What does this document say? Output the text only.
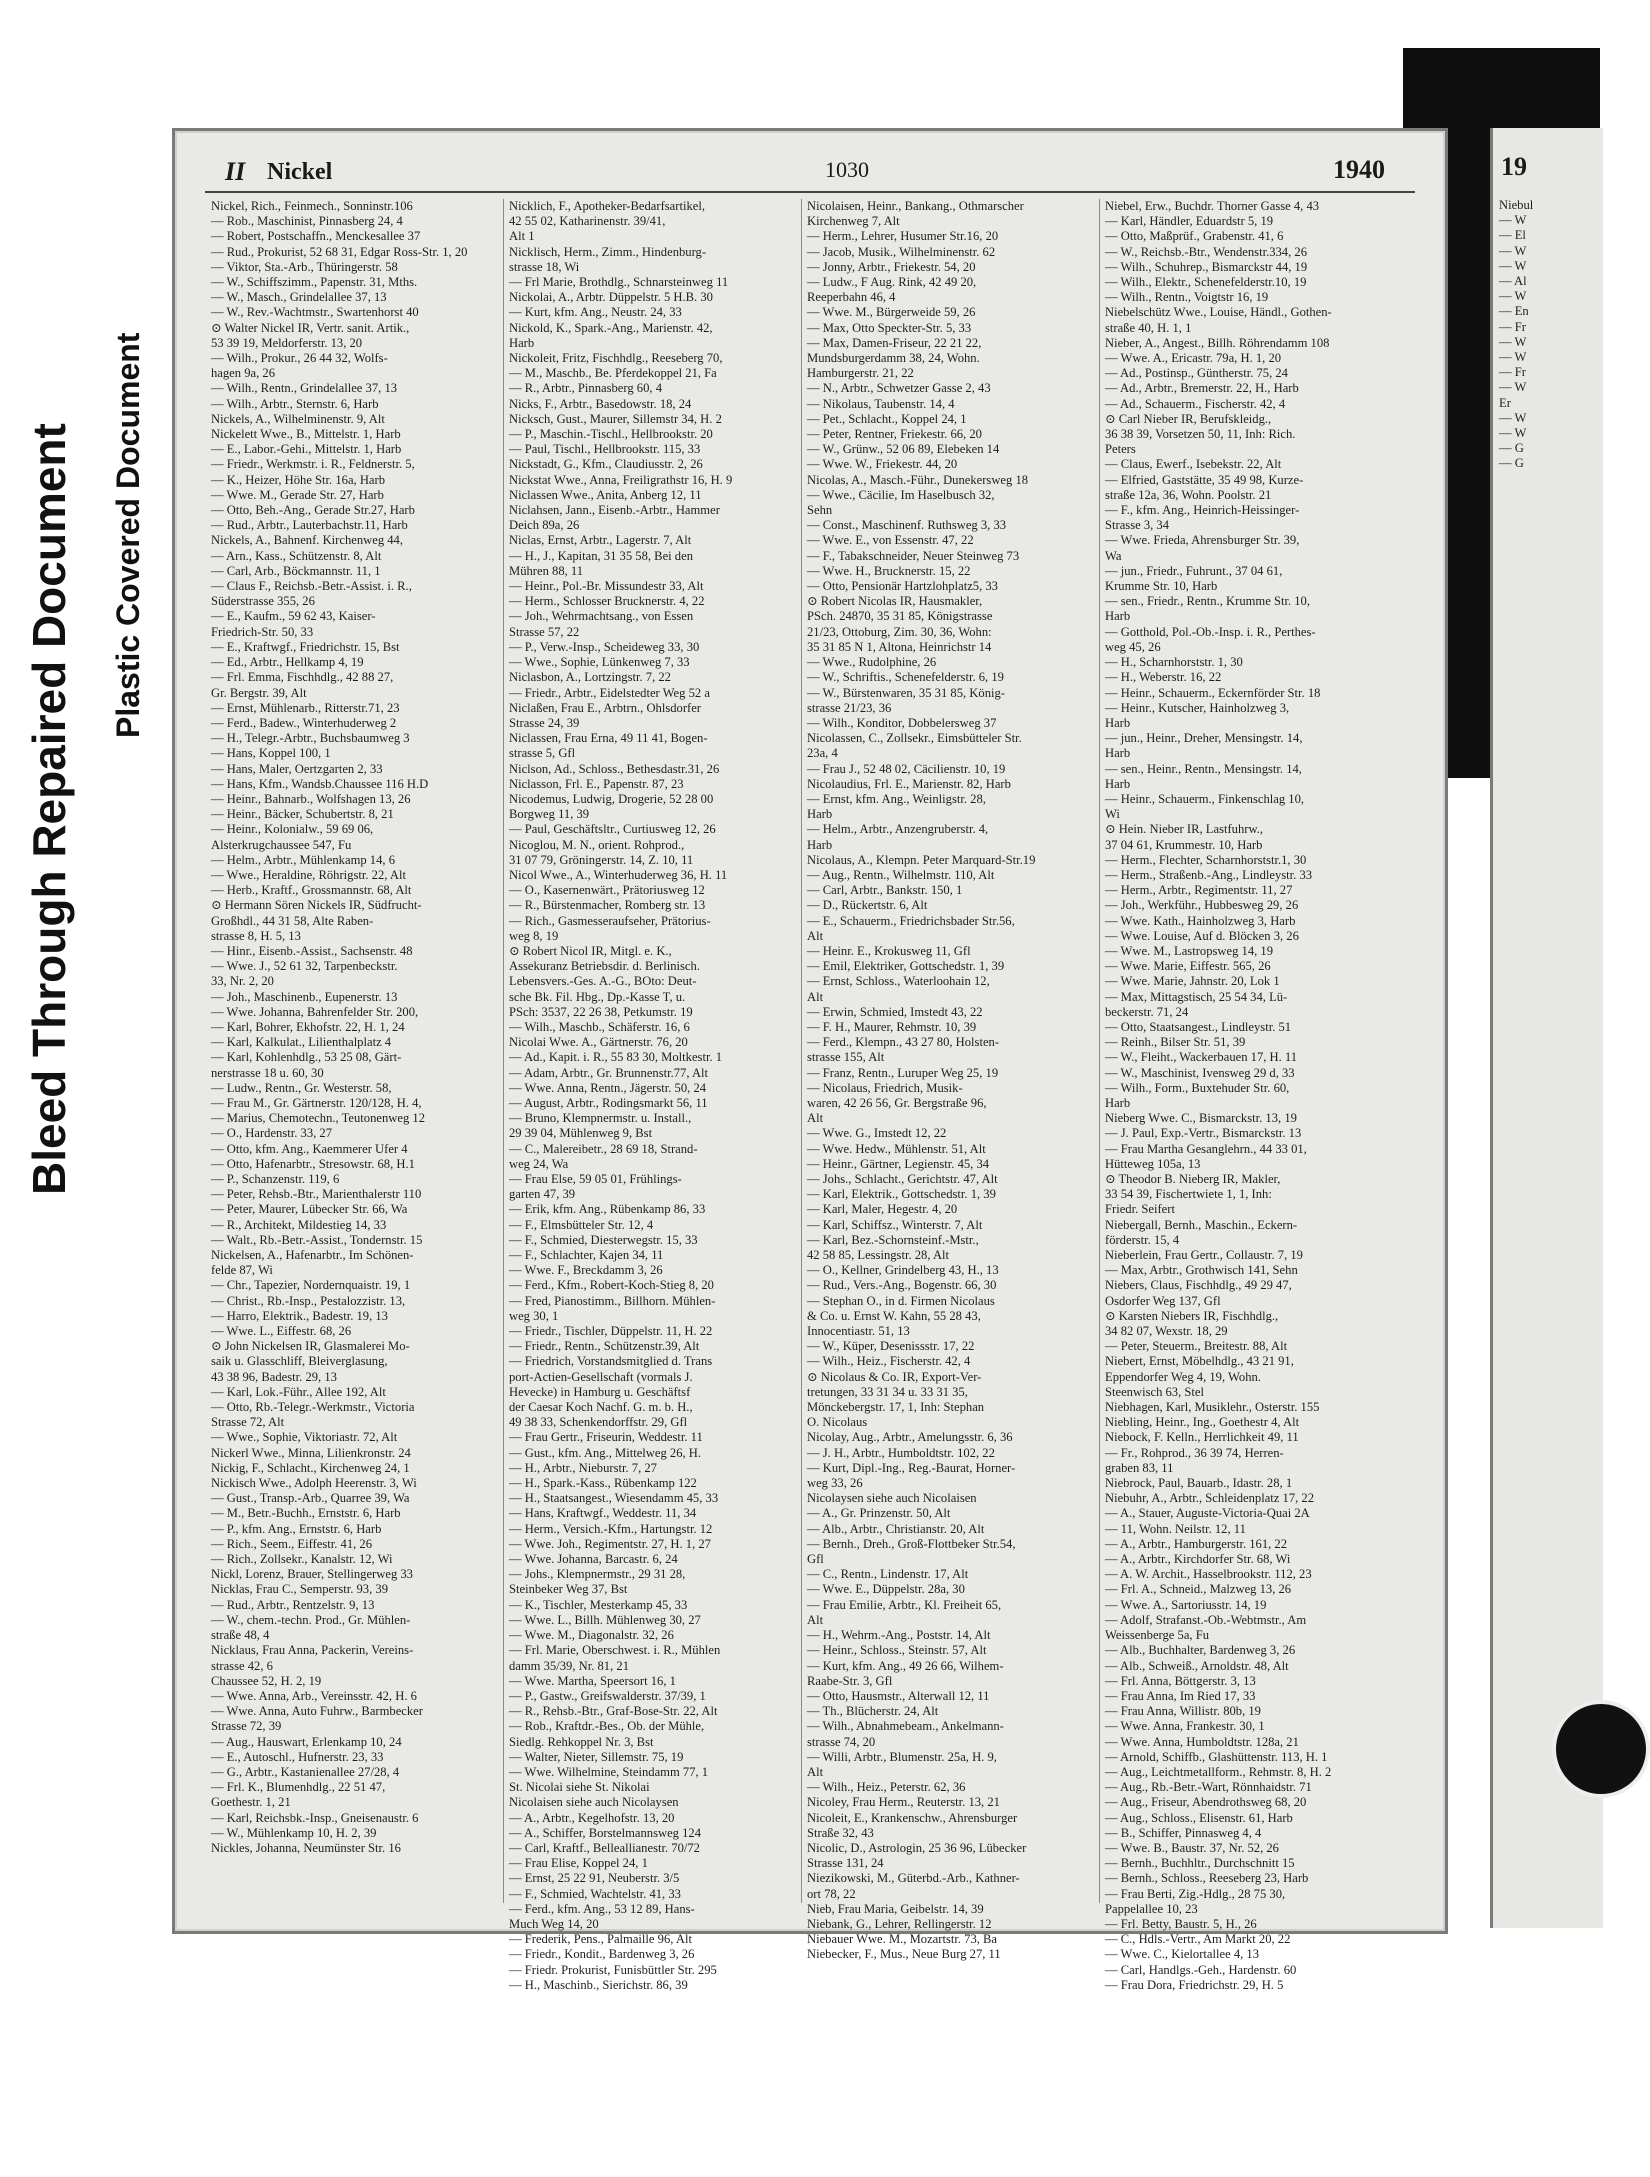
Bleed Through Repaired Document Plastic Covered Document
II Nickel	1030	1940
Nickel, Rich., Feinmech., Sonninstr.106
— Rob., Maschinist, Pinnasberg 24, 4
— Robert, Postschaffn., Menckesallee 37
— Rud., Prokurist, 52 68 31, Edgar Ross-Str. 1, 20
— Viktor, Sta.-Arb., Thüringerstr. 58
— W., Schiffszimm., Papenstr. 31, Mths.
— W., Masch., Grindelallee 37, 13
— W., Rev.-Wachtmstr., Swartenhorst 40
⊙ Walter Nickel IR, Vertr. sanit. Artik.,
53 39 19, Meldorferstr. 13, 20
— Wilh., Prokur., 26 44 32, Wolfs-
hagen 9a, 26
— Wilh., Rentn., Grindelallee 37, 13
— Wilh., Arbtr., Sternstr. 6, Harb
Nickels, A., Wilhelminenstr. 9, Alt
Nickelett Wwe., B., Mittelstr. 1, Harb
— E., Labor.-Gehi., Mittelstr. 1, Harb
— Friedr., Werkmstr. i. R., Feldnerstr. 5,
— K., Heizer, Höhe Str. 16a, Harb
— Wwe. M., Gerade Str. 27, Harb
— Otto, Beh.-Ang., Gerade Str.27, Harb
— Rud., Arbtr., Lauterbachstr.11, Harb
Nickels, A., Bahnenf. Kirchenweg 44,
— Arn., Kass., Schützenstr. 8, Alt
— Carl, Arb., Böckmannstr. 11, 1
— Claus F., Reichsb.-Betr.-Assist. i. R.,
Süderstrasse 355, 26
— E., Kaufm., 59 62 43, Kaiser-
Friedrich-Str. 50, 33
— E., Kraftwgf., Friedrichstr. 15, Bst
— Ed., Arbtr., Hellkamp 4, 19
— Frl. Emma, Fischhdlg., 42 88 27,
Gr. Bergstr. 39, Alt
— Ernst, Mühlenarb., Ritterstr.71, 23
— Ferd., Badew., Winterhuderweg 2
— H., Telegr.-Arbtr., Buchsbaumweg 3
— Hans, Koppel 100, 1
— Hans, Maler, Oertzgarten 2, 33
— Hans, Kfm., Wandsb.Chaussee 116 H.D
— Heinr., Bahnarb., Wolfshagen 13, 26
— Heinr., Bäcker, Schubertstr. 8, 21
— Heinr., Kolonialw., 59 69 06,
Alsterkrugchaussee 547, Fu
— Helm., Arbtr., Mühlenkamp 14, 6
— Wwe., Heraldine, Röhrigstr. 22, Alt
— Herb., Kraftf., Grossmannstr. 68, Alt
⊙ Hermann Sören Nickels IR, Südfrucht-
Großhdl., 44 31 58, Alte Raben-
strasse 8, H. 5, 13
— Hinr., Eisenb.-Assist., Sachsenstr. 48
— Wwe. J., 52 61 32, Tarpenbeckstr.
33, Nr. 2, 20
— Joh., Maschinenb., Eupenerstr. 13
— Wwe. Johanna, Bahrenfelder Str. 200,
— Karl, Bohrer, Ekhofstr. 22, H. 1, 24
— Karl, Kalkulat., Lilienthalplatz 4
— Karl, Kohlenhdlg., 53 25 08, Gärt-
nerstrasse 18 u. 60, 30
— Ludw., Rentn., Gr. Westerstr. 58,
— Frau M., Gr. Gärtnerstr. 120/128, H. 4,
— Marius, Chemotechn., Teutonenweg 12
— O., Hardenstr. 33, 27
— Otto, kfm. Ang., Kaemmerer Ufer 4
— Otto, Hafenarbtr., Stresowstr. 68, H.1
— P., Schanzenstr. 119, 6
— Peter, Rehsb.-Btr., Marienthalerstr 110
— Peter, Maurer, Lübecker Str. 66, Wa
— R., Architekt, Mildestieg 14, 33
— Walt., Rb.-Betr.-Assist., Tondernstr. 15
Nickelsen, A., Hafenarbtr., Im Schönen-
felde 87, Wi
— Chr., Tapezier, Nordernquaistr. 19, 1
— Christ., Rb.-Insp., Pestalozzistr. 13,
— Harro, Elektrik., Badestr. 19, 13
— Wwe. L., Eiffestr. 68, 26
⊙ John Nickelsen IR, Glasmalerei Mo-
saik u. Glasschliff, Bleiverglasung,
43 38 96, Badestr. 29, 13
— Karl, Lok.-Führ., Allee 192, Alt
— Otto, Rb.-Telegr.-Werkmstr., Victoria
Strasse 72, Alt
— Wwe., Sophie, Viktoriastr. 72, Alt
Nickerl Wwe., Minna, Lilienkronstr. 24
Nickig, F., Schlacht., Kirchenweg 24, 1
Nickisch Wwe., Adolph Heerenstr. 3, Wi
— Gust., Transp.-Arb., Quarree 39, Wa
— M., Betr.-Buchh., Ernststr. 6, Harb
— P., kfm. Ang., Ernststr. 6, Harb
— Rich., Seem., Eiffestr. 41, 26
— Rich., Zollsekr., Kanalstr. 12, Wi
Nickl, Lorenz, Brauer, Stellingerweg 33
Nicklas, Frau C., Semperstr. 93, 39
— Rud., Arbtr., Rentzelstr. 9, 13
— W., chem.-techn. Prod., Gr. Mühlen-
straße 48, 4
Nicklaus, Frau Anna, Packerin, Vereins-
strasse 42, 6
Chaussee 52, H. 2, 19
— Wwe. Anna, Arb., Vereinsstr. 42, H. 6
— Wwe. Anna, Auto Fuhrw., Barmbecker
Strasse 72, 39
— Aug., Hauswart, Erlenkamp 10, 24
— E., Autoschl., Hufnerstr. 23, 33
— G., Arbtr., Kastanienallee 27/28, 4
— Frl. K., Blumenhdlg., 22 51 47,
Goethestr. 1, 21
— Karl, Reichsbk.-Insp., Gneisenaustr. 6
— W., Mühlenkamp 10, H. 2, 39
Nickles, Johanna, Neumünster Str. 16
Nicklich, F., Apotheker-Bedarfsartikel,
42 55 02, Katharinenstr. 39/41,
Alt 1
Nicklisch, Herm., Zimm., Hindenburg-
strasse 18, Wi
— Frl Marie, Brothdlg., Schnarsteinweg 11
Nickolai, A., Arbtr. Düppelstr. 5 H.B. 30
— Kurt, kfm. Ang., Neustr. 24, 33
Nickold, K., Spark.-Ang., Marienstr. 42,
Harb
Nickoleit, Fritz, Fischhdlg., Reeseberg 70,
— M., Maschb., Be. Pferdekoppel 21, Fa
— R., Arbtr., Pinnasberg 60, 4
Nicks, F., Arbtr., Basedowstr. 18, 24
Nicksch, Gust., Maurer, Sillemstr 34, H. 2
— P., Maschin.-Tischl., Hellbrookstr. 20
— Paul, Tischl., Hellbrookstr. 115, 33
Nickstadt, G., Kfm., Claudiusstr. 2, 26
Nickstat Wwe., Anna, Freiligrathstr 16, H. 9
Niclassen Wwe., Anita, Anberg 12, 11
Niclahsen, Jann., Eisenb.-Arbtr., Hammer
Deich 89a, 26
Niclas, Ernst, Arbtr., Lagerstr. 7, Alt
— H., J., Kapitan, 31 35 58, Bei den
Mühren 88, 11
— Heinr., Pol.-Br. Missundestr 33, Alt
— Herm., Schlosser Brucknerstr. 4, 22
— Joh., Wehrmachtsang., von Essen
Strasse 57, 22
— P., Verw.-Insp., Scheideweg 33, 30
— Wwe., Sophie, Lünkenweg 7, 33
Niclasbon, A., Lortzingstr. 7, 22
— Friedr., Arbtr., Eidelstedter Weg 52 a
Niclaßen, Frau E., Arbtrn., Ohlsdorfer
Strasse 24, 39
Niclassen, Frau Erna, 49 11 41, Bogen-
strasse 5, Gfl
Niclson, Ad., Schloss., Bethesdastr.31, 26
Niclasson, Frl. E., Papenstr. 87, 23
Nicodemus, Ludwig, Drogerie, 52 28 00
Borgweg 11, 39
— Paul, Geschäftsltr., Curtiusweg 12, 26
Nicoglou, M. N., orient. Rohprod.,
31 07 79, Gröningerstr. 14, Z. 10, 11
Nicol Wwe., A., Winterhuderweg 36, H. 11
— O., Kasernenwärt., Prätoriusweg 12
— R., Bürstenmacher, Romberg str. 13
— Rich., Gasmesseraufseher, Prätorius-
weg 8, 19
⊙ Robert Nicol IR, Mitgl. e. K.,
Assekuranz Betriebsdir. d. Berlinisch.
Lebensvers.-Ges. A.-G., BOto: Deut-
sche Bk. Fil. Hbg., Dp.-Kasse T, u.
PSch: 3537, 22 26 38, Petkumstr. 19
— Wilh., Maschb., Schäferstr. 16, 6
Nicolai Wwe. A., Gärtnerstr. 76, 20
— Ad., Kapit. i. R., 55 83 30, Moltkestr. 1
— Adam, Arbtr., Gr. Brunnenstr.77, Alt
— Wwe. Anna, Rentn., Jägerstr. 50, 24
— August, Arbtr., Rodingsmarkt 56, 11
— Bruno, Klempnermstr. u. Install.,
29 39 04, Mühlenweg 9, Bst
— C., Malereibetr., 28 69 18, Strand-
weg 24, Wa
— Frau Else, 59 05 01, Frühlings-
garten 47, 39
— Erik, kfm. Ang., Rübenkamp 86, 33
— F., Elmsbütteler Str. 12, 4
— F., Schmied, Diesterwegstr. 15, 33
— F., Schlachter, Kajen 34, 11
— Wwe. F., Breckdamm 3, 26
— Ferd., Kfm., Robert-Koch-Stieg 8, 20
— Fred, Pianostimm., Billhorn. Mühlen-
weg 30, 1
— Friedr., Tischler, Düppelstr. 11, H. 22
— Friedr., Rentn., Schützenstr.39, Alt
— Friedrich, Vorstandsmitglied d. Trans
port-Actien-Gesellschaft (vormals J.
Hevecke) in Hamburg u. Geschäftsf
der Caesar Koch Nachf. G. m. b. H.,
49 38 33, Schenkendorffstr. 29, Gfl
— Frau Gertr., Friseurin, Weddestr. 11
— Gust., kfm. Ang., Mittelweg 26, H.
— H., Arbtr., Nieburstr. 7, 27
— H., Spark.-Kass., Rübenkamp 122
— H., Staatsangest., Wiesendamm 45, 33
— Hans, Kraftwgf., Weddestr. 11, 34
— Herm., Versich.-Kfm., Hartungstr. 12
— Wwe. Joh., Regimentstr. 27, H. 1, 27
— Wwe. Johanna, Barcastr. 6, 24
— Johs., Klempnermstr., 29 31 28,
Steinbeker Weg 37, Bst
— K., Tischler, Mesterkamp 45, 33
— Wwe. L., Billh. Mühlenweg 30, 27
— Wwe. M., Diagonalstr. 32, 26
— Frl. Marie, Oberschwest. i. R., Mühlen
damm 35/39, Nr. 81, 21
— Wwe. Martha, Speersort 16, 1
— P., Gastw., Greifswalderstr. 37/39, 1
— R., Rehsb.-Btr., Graf-Bose-Str. 22, Alt
— Rob., Kraftdr.-Bes., Ob. der Mühle,
Siedlg. Rehkoppel Nr. 3, Bst
— Walter, Nieter, Sillemstr. 75, 19
— Wwe. Wilhelmine, Steindamm 77, 1
St. Nicolai siehe St. Nikolai
Nicolaisen siehe auch Nicolaysen
— A., Arbtr., Kegelhofstr. 13, 20
— A., Schiffer, Borstelmannsweg 124
— Carl, Kraftf., Belleallianestr. 70/72
— Frau Elise, Koppel 24, 1
— Ernst, 25 22 91, Neuberstr. 3/5
— F., Schmied, Wachtelstr. 41, 33
— Ferd., kfm. Ang., 53 12 89, Hans-
Much Weg 14, 20
— Frederik, Pens., Palmaille 96, Alt
— Friedr., Kondit., Bardenweg 3, 26
— Friedr. Prokurist, Funisbüttler Str. 295
— H., Maschinb., Sierichstr. 86, 39
Nicolaisen, Heinr., Bankang., Othmarscher
Kirchenweg 7, Alt
— Herm., Lehrer, Husumer Str.16, 20
— Jacob, Musik., Wilhelminenstr. 62
— Jonny, Arbtr., Friekestr. 54, 20
— Ludw., F Aug. Rink, 42 49 20,
Reeperbahn 46, 4
— Wwe. M., Bürgerweide 59, 26
— Max, Otto Speckter-Str. 5, 33
— Max, Damen-Friseur, 22 21 22,
Mundsburgerdamm 38, 24, Wohn.
Hamburgerstr. 21, 22
— N., Arbtr., Schwetzer Gasse 2, 43
— Nikolaus, Taubenstr. 14, 4
— Pet., Schlacht., Koppel 24, 1
— Peter, Rentner, Friekestr. 66, 20
— W., Grünw., 52 06 89, Elebeken 14
— Wwe. W., Friekestr. 44, 20
Nicolas, A., Masch.-Führ., Dunekersweg 18
— Wwe., Cäcilie, Im Haselbusch 32,
Sehn
— Const., Maschinenf. Ruthsweg 3, 33
— Wwe. E., von Essenstr. 47, 22
— F., Tabakschneider, Neuer Steinweg 73
— Wwe. H., Brucknerstr. 15, 22
— Otto, Pensionär Hartzlohplatz5, 33
⊙ Robert Nicolas IR, Hausmakler,
PSch. 24870, 35 31 85, Königstrasse
21/23, Ottoburg, Zim. 30, 36, Wohn:
35 31 85 N 1, Altona, Heinrichstr 14
— Wwe., Rudolphine, 26
— W., Schriftis., Schenefelderstr. 6, 19
— W., Bürstenwaren, 35 31 85, König-
strasse 21/23, 36
— Wilh., Konditor, Dobbelersweg 37
Nicolassen, C., Zollsekr., Eimsbütteler Str.
23a, 4
— Frau J., 52 48 02, Cäcilienstr. 10, 19
Nicolaudius, Frl. E., Marienstr. 82, Harb
— Ernst, kfm. Ang., Weinligstr. 28,
Harb
— Helm., Arbtr., Anzengruberstr. 4,
Harb
Nicolaus, A., Klempn. Peter Marquard-Str.19
— Aug., Rentn., Wilhelmstr. 110, Alt
— Carl, Arbtr., Bankstr. 150, 1
— D., Rückertstr. 6, Alt
— E., Schauerm., Friedrichsbader Str.56,
Alt
— Heinr. E., Krokusweg 11, Gfl
— Emil, Elektriker, Gottschedstr. 1, 39
— Ernst, Schloss., Waterloohain 12,
Alt
— Erwin, Schmied, Imstedt 43, 22
— F. H., Maurer, Rehmstr. 10, 39
— Ferd., Klempn., 43 27 80, Holsten-
strasse 155, Alt
— Franz, Rentn., Luruper Weg 25, 19
— Nicolaus, Friedrich, Musik-
waren, 42 26 56, Gr. Bergstraße 96,
Alt
— Wwe. G., Imstedt 12, 22
— Wwe. Hedw., Mühlenstr. 51, Alt
— Heinr., Gärtner, Legienstr. 45, 34
— Johs., Schlacht., Gerichtstr. 47, Alt
— Karl, Elektrik., Gottschedstr. 1, 39
— Karl, Maler, Hegestr. 4, 20
— Karl, Schiffsz., Winterstr. 7, Alt
— Karl, Bez.-Schornsteinf.-Mstr.,
42 58 85, Lessingstr. 28, Alt
— O., Kellner, Grindelberg 43, H., 13
— Rud., Vers.-Ang., Bogenstr. 66, 30
— Stephan O., in d. Firmen Nicolaus
& Co. u. Ernst W. Kahn, 55 28 43,
Innocentiastr. 51, 13
— W., Küper, Desenissstr. 17, 22
— Wilh., Heiz., Fischerstr. 42, 4
⊙ Nicolaus & Co. IR, Export-Ver-
tretungen, 33 31 34 u. 33 31 35,
Mönckebergstr. 17, 1, Inh: Stephan
O. Nicolaus
Nicolay, Aug., Arbtr., Amelungsstr. 6, 36
— J. H., Arbtr., Humboldtstr. 102, 22
— Kurt, Dipl.-Ing., Reg.-Baurat, Horner-
weg 33, 26
Nicolaysen siehe auch Nicolaisen
— A., Gr. Prinzenstr. 50, Alt
— Alb., Arbtr., Christianstr. 20, Alt
— Bernh., Dreh., Groß-Flottbeker Str.54,
Gfl
— C., Rentn., Lindenstr. 17, Alt
— Wwe. E., Düppelstr. 28a, 30
— Frau Emilie, Arbtr., Kl. Freiheit 65,
Alt
— H., Wehrm.-Ang., Poststr. 14, Alt
— Heinr., Schloss., Steinstr. 57, Alt
— Kurt, kfm. Ang., 49 26 66, Wilhem-
Raabe-Str. 3, Gfl
— Otto, Hausmstr., Alterwall 12, 11
— Th., Blücherstr. 24, Alt
— Wilh., Abnahmebeam., Ankelmann-
strasse 74, 20
— Willi, Arbtr., Blumenstr. 25a, H. 9,
Alt
— Wilh., Heiz., Peterstr. 62, 36
Nicoley, Frau Herm., Reuterstr. 13, 21
Nicoleit, E., Krankenschw., Ahrensburger
Straße 32, 43
Nicolic, D., Astrologin, 25 36 96, Lübecker
Strasse 131, 24
Niezikowski, M., Güterbd.-Arb., Kathner-
ort 78, 22
Nieb, Frau Maria, Geibelstr. 14, 39
Niebank, G., Lehrer, Rellingerstr. 12
Niebauer Wwe. M., Mozartstr. 73, Ba
Niebecker, F., Mus., Neue Burg 27, 11
Niebel, Erw., Buchdr. Thorner Gasse 4, 43
— Karl, Händler, Eduardstr 5, 19
— Otto, Maßprüf., Grabenstr. 41, 6
— W., Reichsb.-Btr., Wendenstr.334, 26
— Wilh., Schuhrep., Bismarckstr 44, 19
— Wilh., Elektr., Schenefelderstr.10, 19
— Wilh., Rentn., Voigtstr 16, 19
Niebelschütz Wwe., Louise, Händl., Gothen-
straße 40, H. 1, 1
Nieber, A., Angest., Billh. Röhrendamm 108
— Wwe. A., Ericastr. 79a, H. 1, 20
— Ad., Postinsp., Güntherstr. 75, 24
— Ad., Arbtr., Bremerstr. 22, H., Harb
— Ad., Schauerm., Fischerstr. 42, 4
⊙ Carl Nieber IR, Berufskleidg.,
36 38 39, Vorsetzen 50, 11, Inh: Rich.
Peters
— Claus, Ewerf., Isebekstr. 22, Alt
— Elfried, Gaststätte, 35 49 98, Kurze-
straße 12a, 36, Wohn. Poolstr. 21
— F., kfm. Ang., Heinrich-Heissinger-
Strasse 3, 34
— Wwe. Frieda, Ahrensburger Str. 39,
Wa
— jun., Friedr., Fuhrunt., 37 04 61,
Krumme Str. 10, Harb
— sen., Friedr., Rentn., Krumme Str. 10,
Harb
— Gotthold, Pol.-Ob.-Insp. i. R., Perthes-
weg 45, 26
— H., Scharnhorststr. 1, 30
— H., Weberstr. 16, 22
— Heinr., Schauerm., Eckernförder Str. 18
— Heinr., Kutscher, Hainholzweg 3,
Harb
— jun., Heinr., Dreher, Mensingstr. 14,
Harb
— sen., Heinr., Rentn., Mensingstr. 14,
Harb
— Heinr., Schauerm., Finkenschlag 10,
Wi
⊙ Hein. Nieber IR, Lastfuhrw.,
37 04 61, Krummestr. 10, Harb
— Herm., Flechter, Scharnhorststr.1, 30
— Herm., Straßenb.-Ang., Lindleystr. 33
— Herm., Arbtr., Regimentstr. 11, 27
— Joh., Werkführ., Hubbesweg 29, 26
— Wwe. Kath., Hainholzweg 3, Harb
— Wwe. Louise, Auf d. Blöcken 3, 26
— Wwe. M., Lastropsweg 14, 19
— Wwe. Marie, Eiffestr. 565, 26
— Wwe. Marie, Jahnstr. 20, Lok 1
— Max, Mittagstisch, 25 54 34, Lü-
beckerstr. 71, 24
— Otto, Staatsangest., Lindleystr. 51
— Reinh., Bilser Str. 51, 39
— W., Fleiht., Wackerbauen 17, H. 11
— W., Maschinist, Ivensweg 29 d, 33
— Wilh., Form., Buxtehuder Str. 60,
Harb
Nieberg Wwe. C., Bismarckstr. 13, 19
— J. Paul, Exp.-Vertr., Bismarckstr. 13
— Frau Martha Gesanglehrn., 44 33 01,
Hütteweg 105a, 13
⊙ Theodor B. Nieberg IR, Makler,
33 54 39, Fischertwiete 1, 1, Inh:
Friedr. Seifert
Niebergall, Bernh., Maschin., Eckern-
förderstr. 15, 4
Nieberlein, Frau Gertr., Collaustr. 7, 19
— Max, Arbtr., Grothwisch 141, Sehn
Niebers, Claus, Fischhdlg., 49 29 47,
Osdorfer Weg 137, Gfl
⊙ Karsten Niebers IR, Fischhdlg.,
34 82 07, Wexstr. 18, 29
— Peter, Steuerm., Breitestr. 88, Alt
Niebert, Ernst, Möbelhdlg., 43 21 91,
Eppendorfer Weg 4, 19, Wohn.
Steenwisch 63, Stel
Niebhagen, Karl, Musiklehr., Osterstr. 155
Niebling, Heinr., Ing., Goethestr 4, Alt
Niebock, F. Kelln., Herrlichkeit 49, 11
— Fr., Rohprod., 36 39 74, Herren-
graben 83, 11
Niebrock, Paul, Bauarb., Idastr. 28, 1
Niebuhr, A., Arbtr., Schleidenplatz 17, 22
— A., Stauer, Auguste-Victoria-Quai 2A
— 11, Wohn. Neilstr. 12, 11
— A., Arbtr., Hamburgerstr. 161, 22
— A., Arbtr., Kirchdorfer Str. 68, Wi
— A. W. Archit., Hasselbrookstr. 112, 23
— Frl. A., Schneid., Malzweg 13, 26
— Wwe. A., Sartoriusstr. 14, 19
— Adolf, Strafanst.-Ob.-Webtmstr., Am
Weissenberge 5a, Fu
— Alb., Buchhalter, Bardenweg 3, 26
— Alb., Schweiß., Arnoldstr. 48, Alt
— Frl. Anna, Böttgerstr. 3, 13
— Frau Anna, Im Ried 17, 33
— Frau Anna, Willistr. 80b, 19
— Wwe. Anna, Frankestr. 30, 1
— Wwe. Anna, Humboldtstr. 128a, 21
— Arnold, Schiffb., Glashüttenstr. 113, H. 1
— Aug., Leichtmetallform., Rehmstr. 8, H. 2
— Aug., Rb.-Betr.-Wart, Rönnhaidstr. 71
— Aug., Friseur, Abendrothsweg 68, 20
— Aug., Schloss., Elisenstr. 61, Harb
— B., Schiffer, Pinnasweg 4, 4
— Wwe. B., Baustr. 37, Nr. 52, 26
— Bernh., Buchhltr., Durchschnitt 15
— Bernh., Schloss., Reeseberg 23, Harb
— Frau Berti, Zig.-Hdlg., 28 75 30,
Pappelallee 10, 23
— Frl. Betty, Baustr. 5, H., 26
— C., Hdls.-Vertr., Am Markt 20, 22
— Wwe. C., Kielortallee 4, 13
— Carl, Handlgs.-Geh., Hardenstr. 60
— Frau Dora, Friedrichstr. 29, H. 5
19
Niebul
— W
— El
— W
— W
— Al
— W
— En
— Fr
— W
— W
— Fr
— W
Er
— W
— W
— G
— G
